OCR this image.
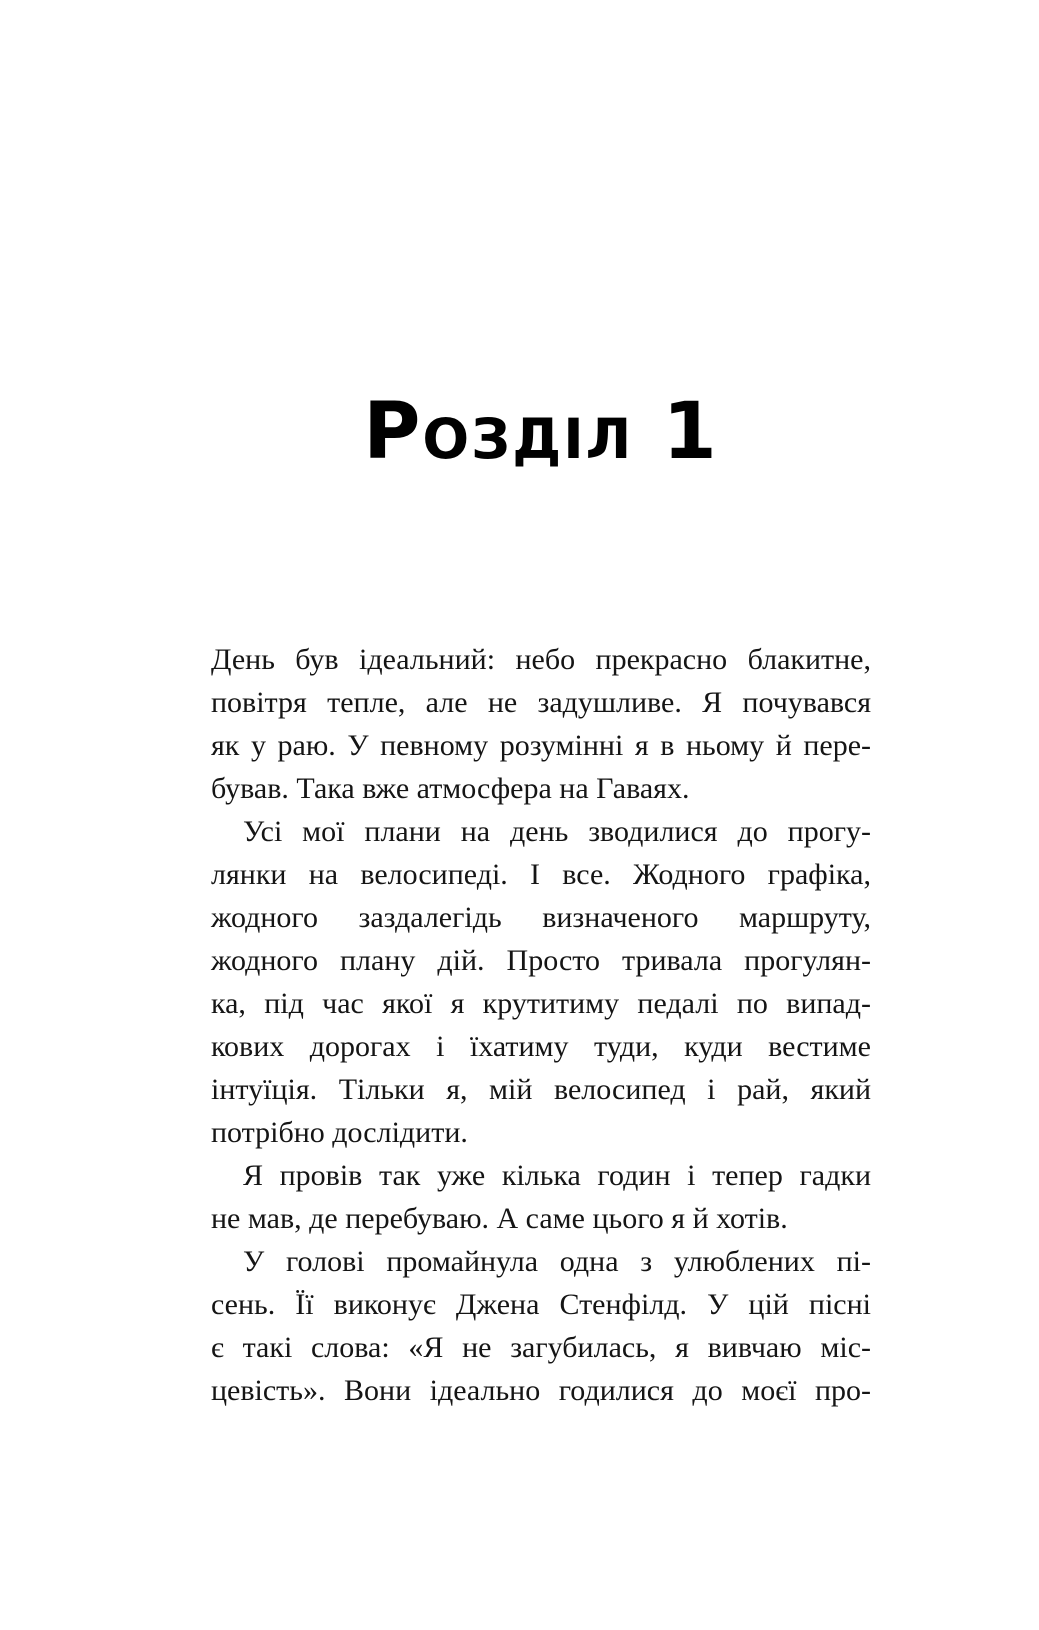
Розділ 1
День був ідеальний: небо прекрасно блакитне,
повітря тепле, але не задушливе. Я почувався
як у раю. У певному розумінні я в ньому й пере-
бував. Така вже атмосфера на Гаваях.
Усі мої плани на день зводилися до прогу-
лянки на велосипеді. І все. Жодного графіка,
жодного заздалегідь визначеного маршруту,
жодного плану дій. Просто тривала прогулян-
ка, під час якої я крутитиму педалі по випад-
кових дорогах і їхатиму туди, куди вестиме
інтуїція. Тільки я, мій велосипед і рай, який
потрібно дослідити.
Я провів так уже кілька годин і тепер гадки
не мав, де перебуваю. А саме цього я й хотів.
У голові промайнула одна з улюблених пі-
сень. Її виконує Джена Стенфілд. У цій пісні
є такі слова: «Я не загубилась, я вивчаю міс-
цевість». Вони ідеально годилися до моєї про-
